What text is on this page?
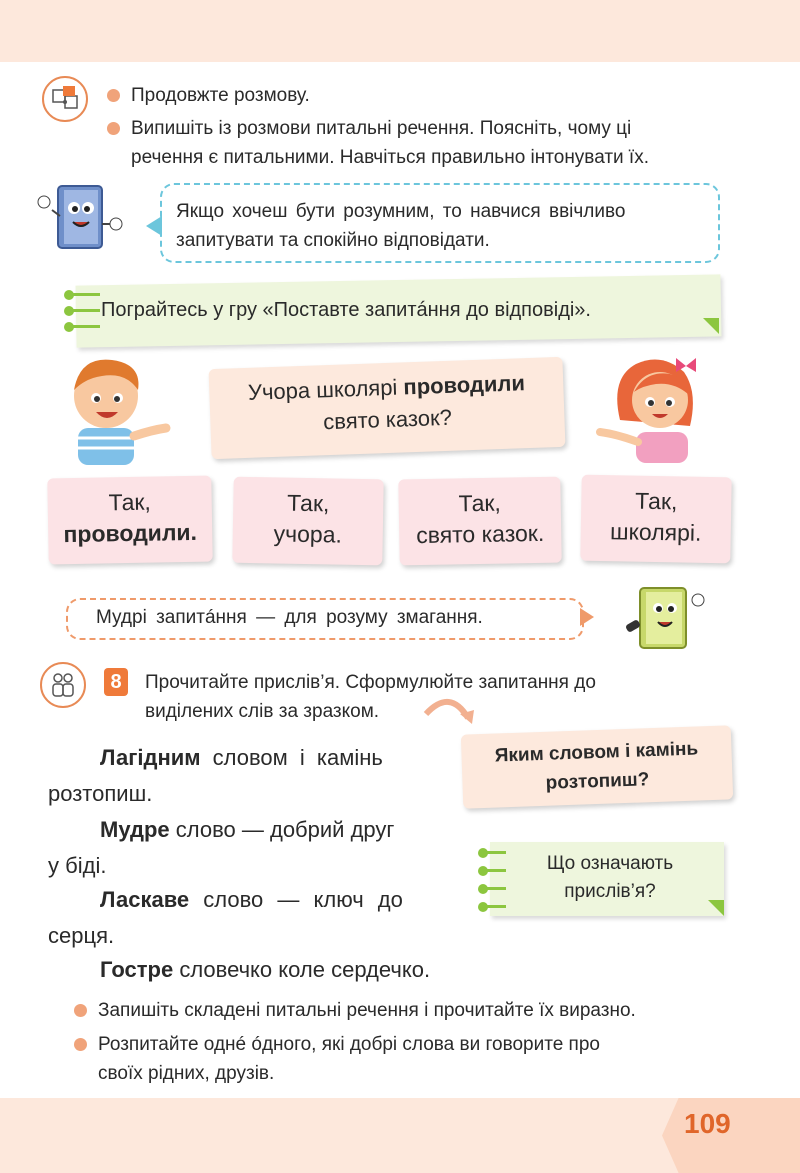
Продовжте розмову.
Випишіть із розмови питальні речення. Поясніть, чому ці
речення є питальними. Навчіться правильно інтонувати їх.
Якщо хочеш бути розумним, то навчися ввічливо
запитувати та спокійно відповідати.
Пограйтесь у гру «Поставте запитáння до відповіді».
Учора школярі проводили
свято казок?
Так,
проводили.
Так,
учора.
Так,
свято казок.
Так,
школярі.
Мудрі запитáння — для розуму змагання.
8	Прочитайте прислів’я. Сформулюйте запитання до
виділених слів за зразком.
Лагідним словом і камінь
розтопиш.
Мудре слово — добрий друг
у біді.
Ласкаве слово — ключ до
серця.
Гостре словечко коле сердечко.
Яким словом і камінь
розтопиш?
Що означають
прислів’я?
Запишіть складені питальні речення і прочитайте їх виразно.
Розпитайте однé óдного, які добрі слова ви говорите про
своїх рідних, друзів.
109
